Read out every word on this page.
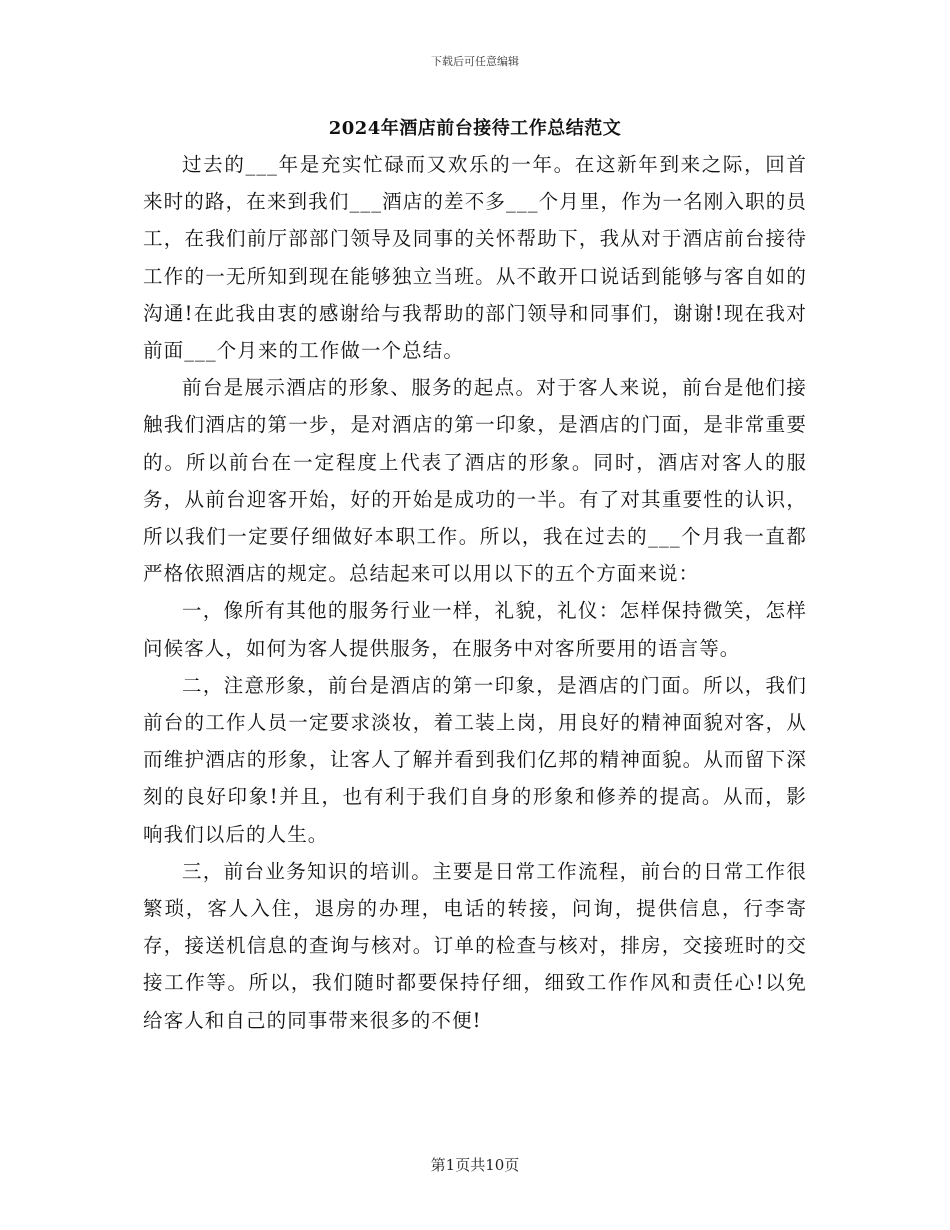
下载后可任意编辑
2024年酒店前台接待工作总结范文

过去的___年是充实忙碌而又欢乐的一年。在这新年到来之际，回首来时的路，在来到我们___酒店的差不多___个月里，作为一名刚入职的员工，在我们前厅部部门领导及同事的关怀帮助下，我从对于酒店前台接待工作的一无所知到现在能够独立当班。从不敢开口说话到能够与客自如的沟通!在此我由衷的感谢给与我帮助的部门领导和同事们，谢谢!现在我对前面___个月来的工作做一个总结。

前台是展示酒店的形象、服务的起点。对于客人来说，前台是他们接触我们酒店的第一步，是对酒店的第一印象，是酒店的门面，是非常重要的。所以前台在一定程度上代表了酒店的形象。同时，酒店对客人的服务，从前台迎客开始，好的开始是成功的一半。有了对其重要性的认识，所以我们一定要仔细做好本职工作。所以，我在过去的___个月我一直都严格依照酒店的规定。总结起来可以用以下的五个方面来说：

一，像所有其他的服务行业一样，礼貌，礼仪：怎样保持微笑，怎样问候客人，如何为客人提供服务，在服务中对客所要用的语言等。

二，注意形象，前台是酒店的第一印象，是酒店的门面。所以，我们前台的工作人员一定要求淡妆，着工装上岗，用良好的精神面貌对客，从而维护酒店的形象，让客人了解并看到我们亿邦的精神面貌。从而留下深刻的良好印象!并且，也有利于我们自身的形象和修养的提高。从而，影响我们以后的人生。

三，前台业务知识的培训。主要是日常工作流程，前台的日常工作很繁琐，客人入住，退房的办理，电话的转接，问询，提供信息，行李寄存，接送机信息的查询与核对。订单的检查与核对，排房，交接班时的交接工作等。所以，我们随时都要保持仔细，细致工作作风和责任心!以免给客人和自己的同事带来很多的不便!

第1页共10页
